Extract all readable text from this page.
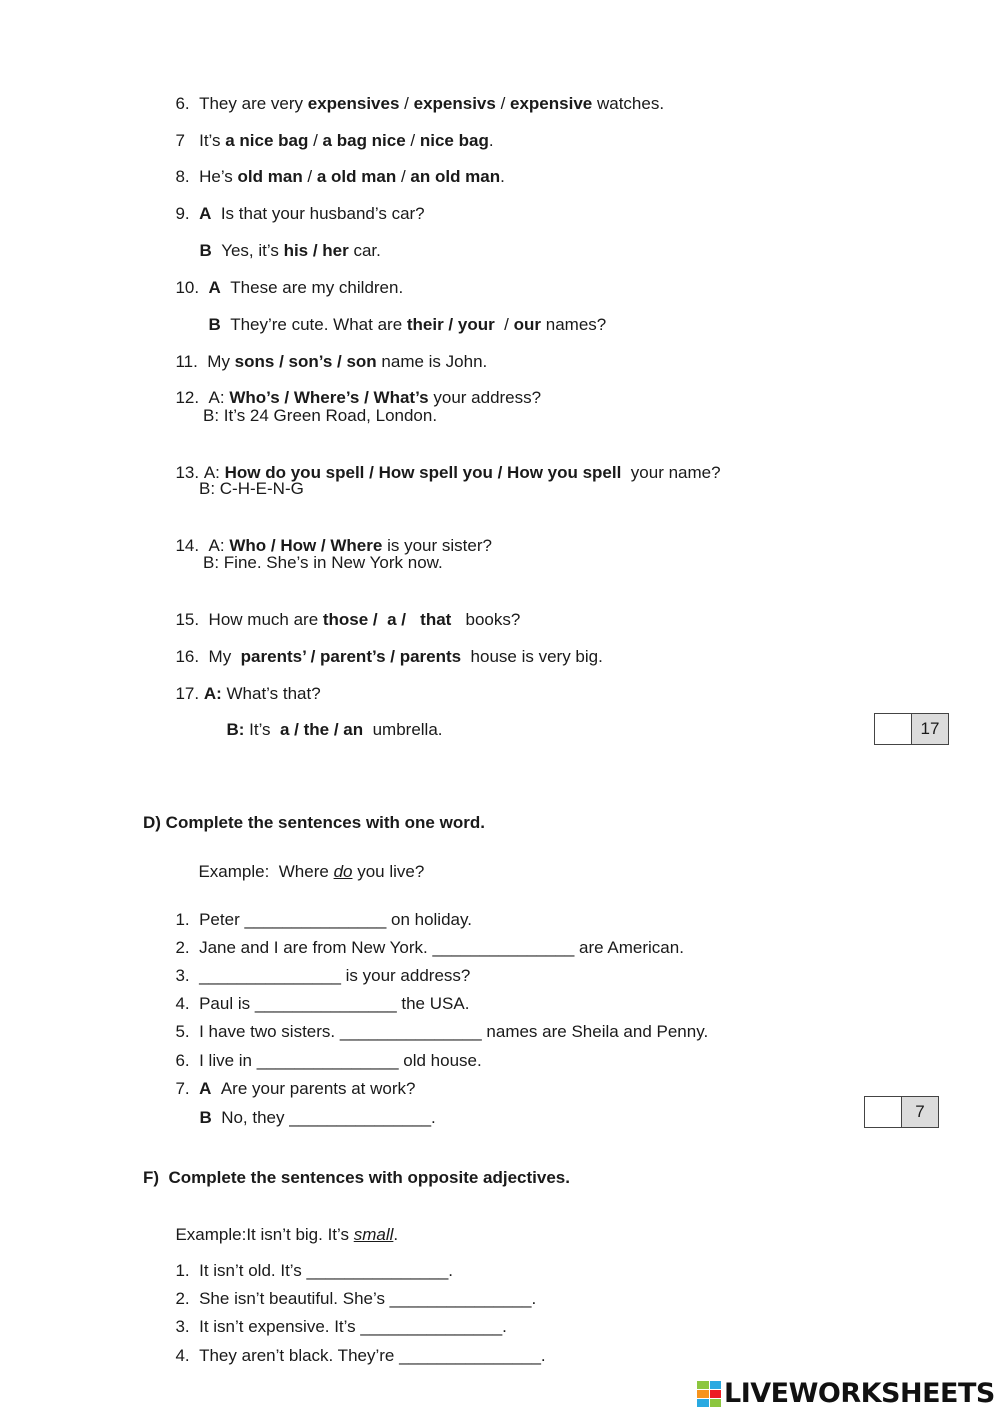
6. They are very expensives / expensivs / expensive watches.

7 It’s a nice bag / a bag nice / nice bag.

8. He’s old man / a old man / an old man.

9. A Is that your husband’s car?

B Yes, it’s his / her car.

10. A These are my children.

B They’re cute. What are their / your  / our names?

11. My sons / son’s / son name is John.

12. A: Who’s / Where’s / What’s your address?

B: It’s 24 Green Road, London.

13. A: How do you spell / How spell you / How you spell  your name?

B: C-H-E-N-G

14. A: Who / How / Where is your sister?

B: Fine. She’s in New York now.

15. How much are those /  a /   that   books?

16. My  parents’ / parent’s / parents  house is very big.

17. A: What’s that?

B: It’s  a / the / an  umbrella.	17
D) Complete the sentences with one word.

Example:  Where do you live?

1. Peter _______________ on holiday.

2. Jane and I are from New York. _______________ are American.

3. _______________ is your address?

4. Paul is _______________ the USA.

5. I have two sisters. _______________ names are Sheila and Penny.

6. I live in _______________ old house.

7. A Are your parents at work?

B No, they _______________.	7
F)  Complete the sentences with opposite adjectives.

Example:It isn’t big. It’s small.

1. It isn’t old. It’s _______________.

2. She isn’t beautiful. She’s _______________.

3. It isn’t expensive. It’s _______________.

4. They aren’t black. They’re _______________.

LIVEWORKSHEETS
